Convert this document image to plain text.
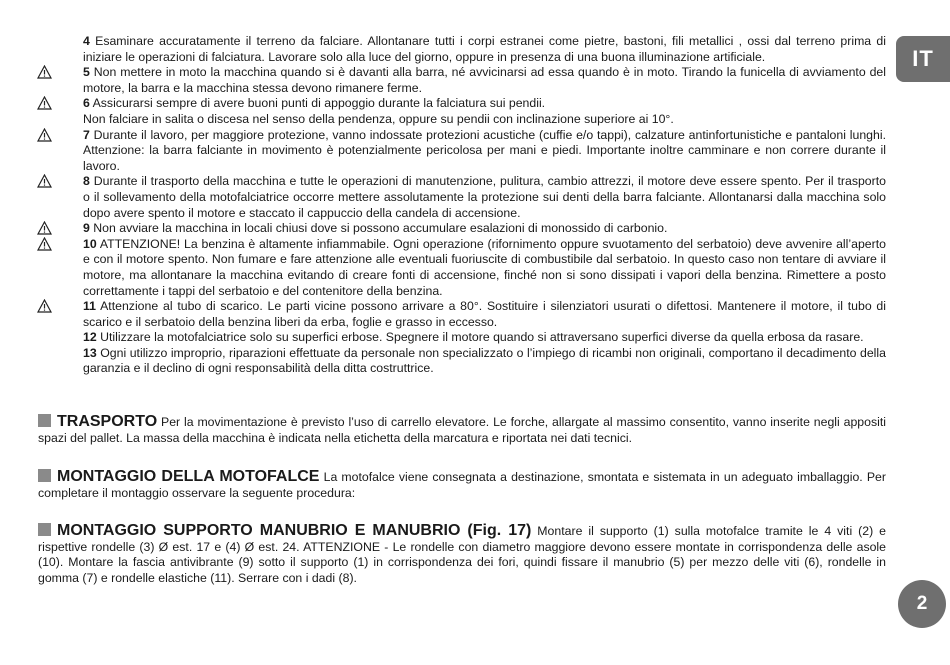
IT
2
4 Esaminare accuratamente il terreno da falciare. Allontanare tutti i corpi estranei come pietre, bastoni, fili metallici , ossi dal terreno prima di iniziare le operazioni di falciatura. Lavorare solo alla luce del giorno, oppure in presenza di una buona illuminazione artificiale.
5 Non mettere in moto la macchina quando si è davanti alla barra, né avvicinarsi ad essa quando è in moto. Tirando la funicella di avviamento del motore, la barra e la macchina stessa devono rimanere ferme.
6 Assicurarsi sempre di avere buoni punti di appoggio durante la falciatura sui pendii.
Non falciare in salita o discesa nel senso della pendenza, oppure su pendii con inclinazione superiore ai 10°.
7 Durante il lavoro, per maggiore protezione, vanno indossate protezioni acustiche (cuffie e/o tappi), calzature antinfortunistiche e pantaloni lunghi. Attenzione: la barra falciante in movimento è potenzialmente pericolosa per mani e piedi. Importante inoltre camminare e non correre durante il lavoro.
8 Durante il trasporto della macchina e tutte le operazioni di manutenzione, pulitura, cambio attrezzi, il motore deve essere spento. Per il trasporto o il sollevamento della motofalciatrice occorre mettere assolutamente la protezione sui denti della barra falciante. Allontanarsi dalla macchina solo dopo avere spento il motore e staccato il cappuccio della candela di accensione.
9 Non avviare la macchina in locali chiusi dove si possono accumulare esalazioni di monossido di carbonio.
10 ATTENZIONE! La benzina è altamente infiammabile. Ogni operazione (rifornimento oppure svuotamento del serbatoio) deve avvenire all’aperto e con il motore spento. Non fumare e fare attenzione alle eventuali fuoriuscite di combustibile dal serbatoio. In questo caso non tentare di avviare il motore, ma allontanare la macchina evitando di creare fonti di accensione, finché non si sono dissipati i vapori della benzina. Rimettere a posto correttamente i tappi del serbatoio e del contenitore della benzina.
11 Attenzione al tubo di scarico. Le parti vicine possono arrivare a 80°. Sostituire i silenziatori usurati o difettosi. Mantenere il motore, il tubo di scarico e il serbatoio della benzina liberi da erba, foglie e grasso in eccesso.
12 Utilizzare la motofalciatrice solo su superfici erbose. Spegnere il motore quando si attraversano superfici diverse da quella erbosa da rasare.
13 Ogni utilizzo improprio, riparazioni effettuate da personale non specializzato o l’impiego di ricambi non originali, comportano il decadimento della garanzia e il declino di ogni responsabilità della ditta costruttrice.
TRASPORTO Per la movimentazione è previsto l’uso di carrello elevatore. Le forche, allargate al massimo consentito, vanno inserite negli appositi spazi del pallet. La massa della macchina è indicata nella etichetta della marcatura e riportata nei dati tecnici.
MONTAGGIO DELLA MOTOFALCE La motofalce viene consegnata a destinazione, smontata e sistemata in un adeguato imballaggio. Per completare il montaggio osservare la seguente procedura:
MONTAGGIO SUPPORTO MANUBRIO E MANUBRIO (Fig. 17) Montare il supporto (1) sulla motofalce tramite le 4 viti (2) e rispettive rondelle (3) Ø est. 17 e (4) Ø est. 24. ATTENZIONE - Le rondelle con diametro maggiore devono essere montate in corrispondenza delle asole (10). Montare la fascia antivibrante (9) sotto il supporto (1) in corrispondenza dei fori, quindi fissare il manubrio (5) per mezzo delle viti (6), rondelle in gomma (7) e rondelle elastiche (11). Serrare con i dadi (8).
